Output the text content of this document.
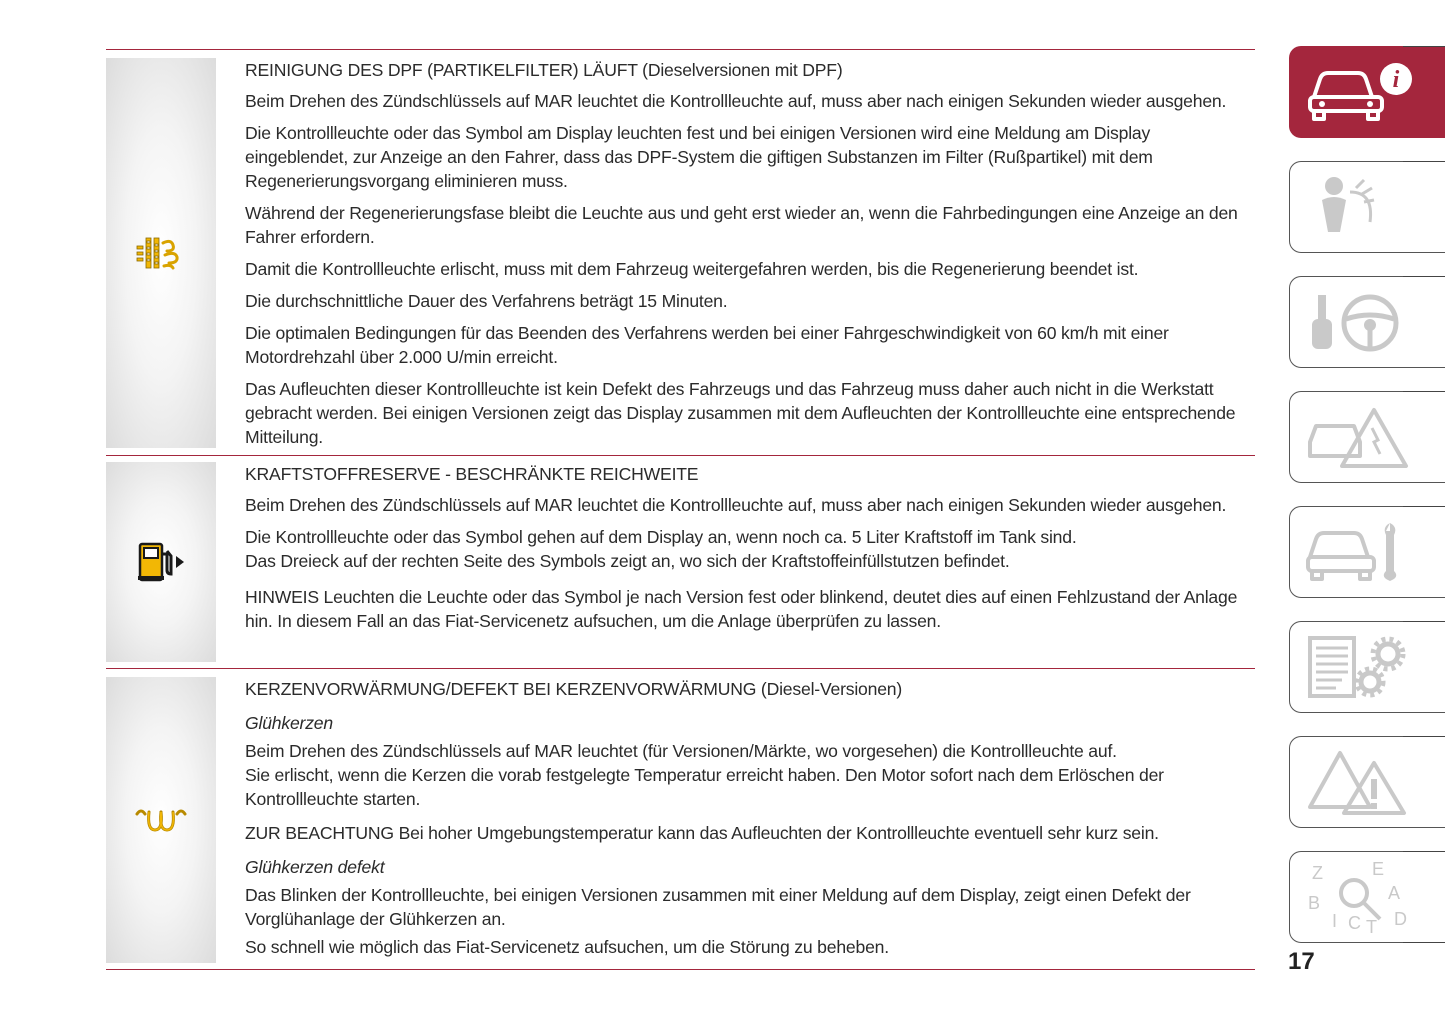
REINIGUNG DES DPF (PARTIKELFILTER) LÄUFT (Dieselversionen mit DPF)

Beim Drehen des Zündschlüssels auf MAR leuchtet die Kontrollleuchte auf, muss aber nach einigen Sekunden wieder ausgehen.

Die Kontrollleuchte oder das Symbol am Display leuchten fest und bei einigen Versionen wird eine Meldung am Display eingeblendet, zur Anzeige an den Fahrer, dass das DPF-System die giftigen Substanzen im Filter (Rußpartikel) mit dem Regenerierungsvorgang eliminieren muss.

Während der Regenerierungsfase bleibt die Leuchte aus und geht erst wieder an, wenn die Fahrbedingungen eine Anzeige an den Fahrer erfordern.

Damit die Kontrollleuchte erlischt, muss mit dem Fahrzeug weitergefahren werden, bis die Regenerierung beendet ist.

Die durchschnittliche Dauer des Verfahrens beträgt 15 Minuten.

Die optimalen Bedingungen für das Beenden des Verfahrens werden bei einer Fahrgeschwindigkeit von 60 km/h mit einer Motordrehzahl über 2.000 U/min erreicht.

Das Aufleuchten dieser Kontrollleuchte ist kein Defekt des Fahrzeugs und das Fahrzeug muss daher auch nicht in die Werkstatt gebracht werden. Bei einigen Versionen zeigt das Display zusammen mit dem Aufleuchten der Kontrollleuchte eine entsprechende Mitteilung.

KRAFTSTOFFRESERVE - BESCHRÄNKTE REICHWEITE

Beim Drehen des Zündschlüssels auf MAR leuchtet die Kontrollleuchte auf, muss aber nach einigen Sekunden wieder ausgehen.

Die Kontrollleuchte oder das Symbol gehen auf dem Display an, wenn noch ca. 5 Liter Kraftstoff im Tank sind.

Das Dreieck auf der rechten Seite des Symbols zeigt an, wo sich der Kraftstoffeinfüllstutzen befindet.

HINWEIS Leuchten die Leuchte oder das Symbol je nach Version fest oder blinkend, deutet dies auf einen Fehlzustand der Anlage hin. In diesem Fall an das Fiat-Servicenetz aufsuchen, um die Anlage überprüfen zu lassen.

KERZENVORWÄRMUNG/DEFEKT BEI KERZENVORWÄRMUNG (Diesel-Versionen)

Glühkerzen

Beim Drehen des Zündschlüssels auf MAR leuchtet (für Versionen/Märkte, wo vorgesehen) die Kontrollleuchte auf.

Sie erlischt, wenn die Kerzen die vorab festgelegte Temperatur erreicht haben. Den Motor sofort nach dem Erlöschen der Kontrollleuchte starten.

ZUR BEACHTUNG Bei hoher Umgebungstemperatur kann das Aufleuchten der Kontrollleuchte eventuell sehr kurz sein.

Glühkerzen defekt

Das Blinken der Kontrollleuchte, bei einigen Versionen zusammen mit einer Meldung auf dem Display, zeigt einen Defekt der Vorglühanlage der Glühkerzen an.

So schnell wie möglich das Fiat-Servicenetz aufsuchen, um die Störung zu beheben.

i
Z	E
A
B
C D
I T
17
